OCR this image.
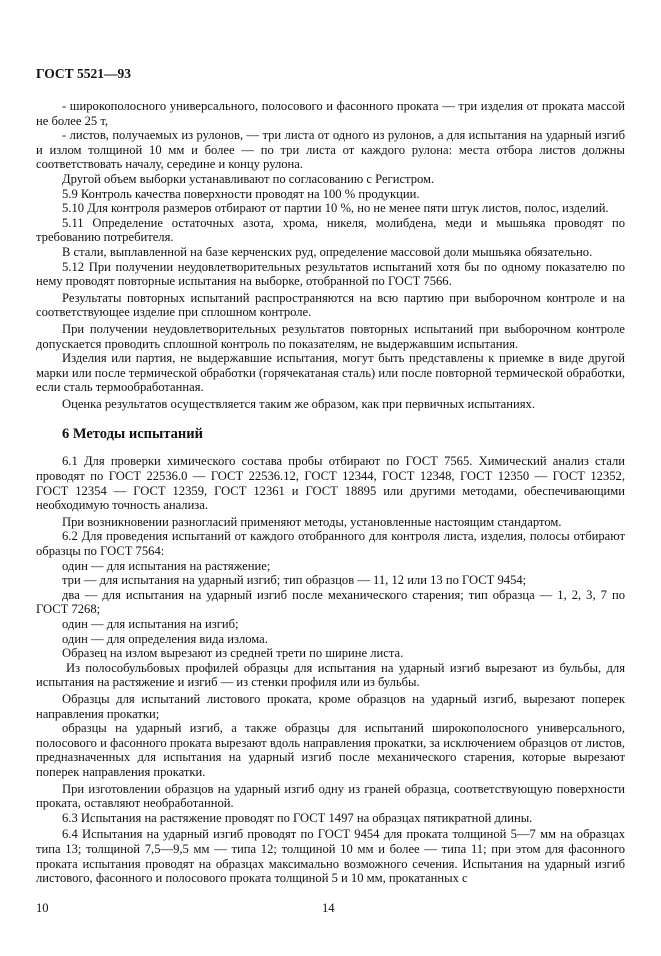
ГОСТ 5521—93

- широкополосного универсального, полосового и фасонного проката — три изделия от проката массой не более 25 т,

- листов, получаемых из рулонов, — три листа от одного из рулонов, а для испытания на ударный изгиб и излом толщиной 10 мм и более — по три листа от каждого рулона: места отбора листов должны соответствовать началу, середине и концу рулона.

Другой объем выборки устанавливают по согласованию с Регистром.

5.9 Контроль качества поверхности проводят на 100 % продукции.

5.10 Для контроля размеров отбирают от партии 10 %, но не менее пяти штук листов, полос, изделий.

5.11 Определение остаточных азота, хрома, никеля, молибдена, меди и мышьяка проводят по требованию потребителя.

В стали, выплавленной на базе керченских руд, определение массовой доли мышьяка обязательно.

5.12 При получении неудовлетворительных результатов испытаний хотя бы по одному показателю по нему проводят повторные испытания на выборке, отобранной по ГОСТ 7566.

Результаты повторных испытаний распространяются на всю партию при выборочном контроле и на соответствующее изделие при сплошном контроле.

При получении неудовлетворительных результатов повторных испытаний при выборочном контроле допускается проводить сплошной контроль по показателям, не выдержавшим испытания.

Изделия или партия, не выдержавшие испытания, могут быть представлены к приемке в виде другой марки или после термической обработки (горячекатаная сталь) или после повторной термической обработки, если сталь термообработанная.

Оценка результатов осуществляется таким же образом, как при первичных испытаниях.

6 Методы испытаний

6.1 Для проверки химического состава пробы отбирают по ГОСТ 7565. Химический анализ стали проводят по ГОСТ 22536.0 — ГОСТ 22536.12, ГОСТ 12344, ГОСТ 12348, ГОСТ 12350 — ГОСТ 12352, ГОСТ 12354 — ГОСТ 12359, ГОСТ 12361 и ГОСТ 18895 или другими методами, обеспечивающими необходимую точность анализа.

При возникновении разногласий применяют методы, установленные настоящим стандартом.

6.2 Для проведения испытаний от каждого отобранного для контроля листа, изделия, полосы отбирают образцы по ГОСТ 7564:

один — для испытания на растяжение;

три — для испытания на ударный изгиб; тип образцов — 11, 12 или 13 по ГОСТ 9454;

два — для испытания на ударный изгиб после механического старения; тип образца — 1, 2, 3, 7 по ГОСТ 7268;

один — для испытания на изгиб;

один — для определения вида излома.

Образец на излом вырезают из средней трети по ширине листа.

Из полособульбовых профилей образцы для испытания на ударный изгиб вырезают из бульбы, для испытания на растяжение и изгиб — из стенки профиля или из бульбы.

Образцы для испытаний листового проката, кроме образцов на ударный изгиб, вырезают поперек направления прокатки;

образцы на ударный изгиб, а также образцы для испытаний широкополосного универсального, полосового и фасонного проката вырезают вдоль направления прокатки, за исключением образцов от листов, предназначенных для испытания на ударный изгиб после механического старения, которые вырезают поперек направления прокатки.

При изготовлении образцов на ударный изгиб одну из граней образца, соответствующую поверхности проката, оставляют необработанной.

6.3 Испытания на растяжение проводят по ГОСТ 1497 на образцах пятикратной длины.

6.4 Испытания на ударный изгиб проводят по ГОСТ 9454 для проката толщиной 5—7 мм на образцах типа 13; толщиной 7,5—9,5 мм — типа 12; толщиной 10 мм и более — типа 11; при этом для фасонного проката испытания проводят на образцах максимально возможного сечения. Испытания на ударный изгиб листового, фасонного и полосового проката толщиной 5 и 10 мм, прокатанных с

10	14
